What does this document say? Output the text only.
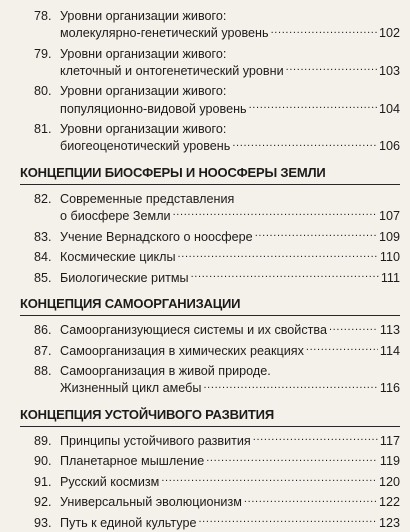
78. Уровни организации живого:
молекулярно-генетический уровень . . .	102
79. Уровни организации живого:
клеточный и онтогенетический уровни . . .	103
80. Уровни организации живого:
популяционно-видовой уровень . . .	104
81. Уровни организации живого:
биогеоценотический уровень . . .	106
КОНЦЕПЦИИ БИОСФЕРЫ И НООСФЕРЫ ЗЕМЛИ
82. Современные представления
о биосфере Земли . . .	107
83. Учение Вернадского о ноосфере . . .	109
84. Космические циклы . . .	110
85. Биологические ритмы . . .	111
КОНЦЕПЦИЯ САМООРГАНИЗАЦИИ
86. Самоорганизующиеся системы и их свойства . . .	113
87. Самоорганизация в химических реакциях . . .	114
88. Самоорганизация в живой природе.
Жизненный цикл амебы . . .	116
КОНЦЕПЦИЯ УСТОЙЧИВОГО РАЗВИТИЯ
89. Принципы устойчивого развития . . .	117
90. Планетарное мышление . . .	119
91. Русский космизм . . .	120
92. Универсальный эволюционизм . . .	122
93. Путь к единой культуре . . .	123
